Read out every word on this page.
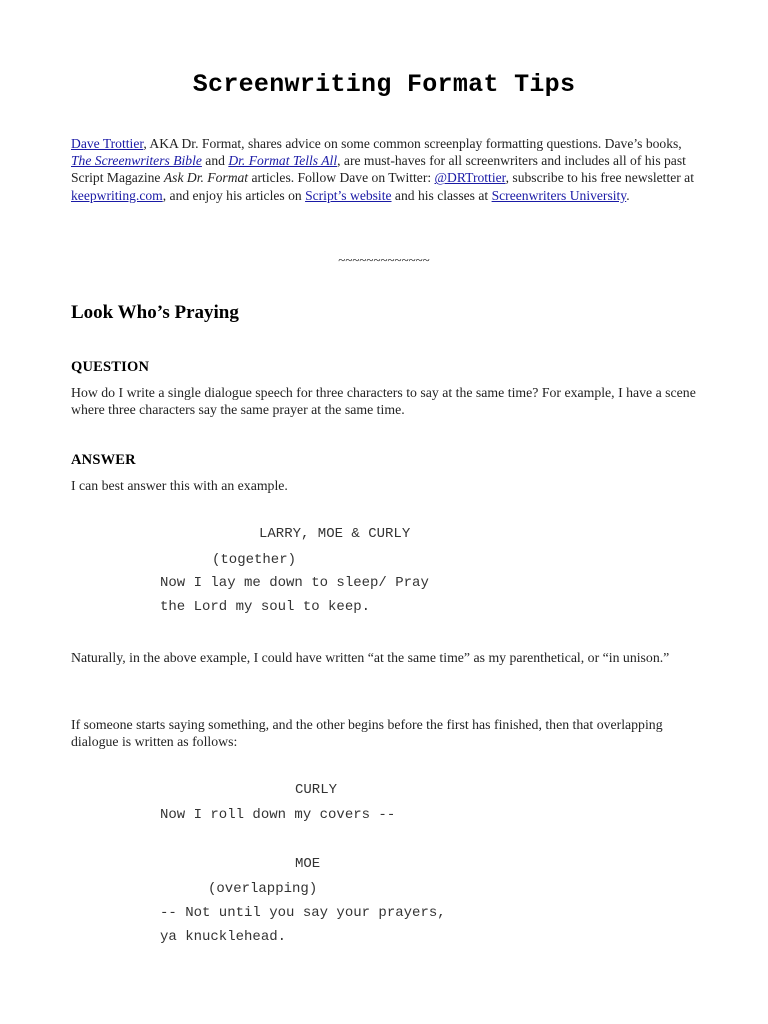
Screenwriting Format Tips
Dave Trottier, AKA Dr. Format, shares advice on some common screenplay formatting questions. Dave’s books, The Screenwriters Bible and Dr. Format Tells All, are must-haves for all screenwriters and includes all of his past Script Magazine Ask Dr. Format articles. Follow Dave on Twitter: @DRTrottier, subscribe to his free newsletter at keepwriting.com, and enjoy his articles on Script’s website and his classes at Screenwriters University.
~~~~~~~~~~~~~
Look Who’s Praying
QUESTION
How do I write a single dialogue speech for three characters to say at the same time? For example, I have a scene where three characters say the same prayer at the same time.
ANSWER
I can best answer this with an example.
LARRY, MOE & CURLY
(together)
Now I lay me down to sleep/ Pray
the Lord my soul to keep.
Naturally, in the above example, I could have written “at the same time” as my parenthetical, or “in unison.”
If someone starts saying something, and the other begins before the first has finished, then that overlapping dialogue is written as follows:
CURLY
Now I roll down my covers --
MOE
(overlapping)
-- Not until you say your prayers,
ya knucklehead.
